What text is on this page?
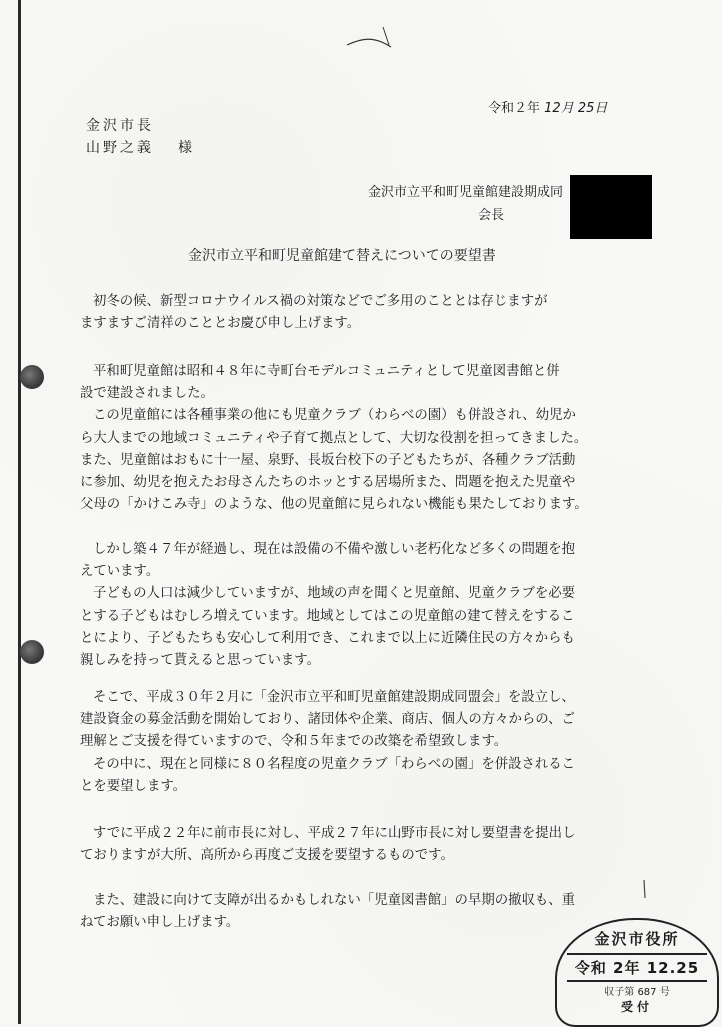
令和２年 12月 25日
金沢市長
山野之義 様
金沢市立平和町児童館建設期成同
会長
金沢市立平和町児童館建て替えについての要望書
初冬の候、新型コロナウイルス禍の対策などでご多用のこととは存じますが
ますますご清祥のこととお慶び申し上げます。
平和町児童館は昭和４８年に寺町台モデルコミュニティとして児童図書館と併
設で建設されました。
この児童館には各種事業の他にも児童クラブ（わらべの園）も併設され、幼児か
ら大人までの地域コミュニティや子育て拠点として、大切な役割を担ってきました。
また、児童館はおもに十一屋、泉野、長坂台校下の子どもたちが、各種クラブ活動
に参加、幼児を抱えたお母さんたちのホッとする居場所また、問題を抱えた児童や
父母の「かけこみ寺」のような、他の児童館に見られない機能も果たしております。
しかし築４７年が経過し、現在は設備の不備や激しい老朽化など多くの問題を抱
えています。
子どもの人口は減少していますが、地域の声を聞くと児童館、児童クラブを必要
とする子どもはむしろ増えています。地域としてはこの児童館の建て替えをするこ
とにより、子どもたちも安心して利用でき、これまで以上に近隣住民の方々からも
親しみを持って貰えると思っています。
そこで、平成３０年２月に「金沢市立平和町児童館建設期成同盟会」を設立し、
建設資金の募金活動を開始しており、諸団体や企業、商店、個人の方々からの、ご
理解とご支援を得ていますので、令和５年までの改築を希望致します。
その中に、現在と同様に８０名程度の児童クラブ「わらべの園」を併設されるこ
とを要望します。
すでに平成２２年に前市長に対し、平成２７年に山野市長に対し要望書を提出し
ておりますが大所、高所から再度ご支援を要望するものです。
また、建設に向けて支障が出るかもしれない「児童図書館」の早期の撤収も、重
ねてお願い申し上げます。
金沢市役所
令和 2年 12.25
収子第 687 号
受付
